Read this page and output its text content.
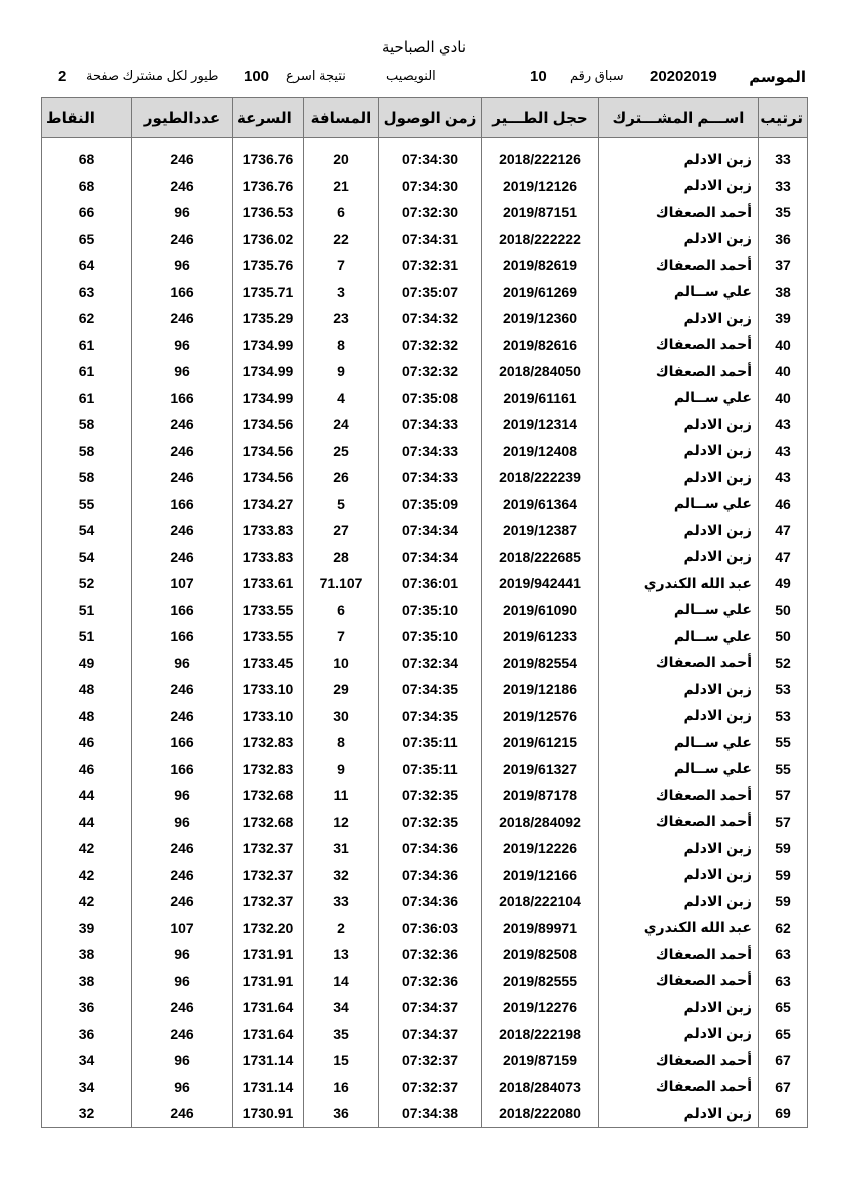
نادي الصباحية
الموسم
20202019
سباق رقم
10
النويصيب
نتيجة اسرع
100
طيور لكل مشترك صفحة
2
ترتيب	اســـم المشـــترك	حجل الطـــير	زمن الوصول	المسافة	السرعة	عددالطيور	النقاط

33	زبن الادلم	2018/222126	07:34:30	20	1736.76	246	68
33	زبن الادلم	2019/12126	07:34:30	21	1736.76	246	68
35	أحمد الصعفاك	2019/87151	07:32:30	6	1736.53	96	66
36	زبن الادلم	2018/222222	07:34:31	22	1736.02	246	65
37	أحمد الصعفاك	2019/82619	07:32:31	7	1735.76	96	64
38	علي ســالم	2019/61269	07:35:07	3	1735.71	166	63
39	زبن الادلم	2019/12360	07:34:32	23	1735.29	246	62
40	أحمد الصعفاك	2019/82616	07:32:32	8	1734.99	96	61
40	أحمد الصعفاك	2018/284050	07:32:32	9	1734.99	96	61
40	علي ســالم	2019/61161	07:35:08	4	1734.99	166	61
43	زبن الادلم	2019/12314	07:34:33	24	1734.56	246	58
43	زبن الادلم	2019/12408	07:34:33	25	1734.56	246	58
43	زبن الادلم	2018/222239	07:34:33	26	1734.56	246	58
46	علي ســالم	2019/61364	07:35:09	5	1734.27	166	55
47	زبن الادلم	2019/12387	07:34:34	27	1733.83	246	54
47	زبن الادلم	2018/222685	07:34:34	28	1733.83	246	54
49	عبد الله الكندري	2019/942441	07:36:01	71.107	1733.61	107	52
50	علي ســالم	2019/61090	07:35:10	6	1733.55	166	51
50	علي ســالم	2019/61233	07:35:10	7	1733.55	166	51
52	أحمد الصعفاك	2019/82554	07:32:34	10	1733.45	96	49
53	زبن الادلم	2019/12186	07:34:35	29	1733.10	246	48
53	زبن الادلم	2019/12576	07:34:35	30	1733.10	246	48
55	علي ســالم	2019/61215	07:35:11	8	1732.83	166	46
55	علي ســالم	2019/61327	07:35:11	9	1732.83	166	46
57	أحمد الصعفاك	2019/87178	07:32:35	11	1732.68	96	44
57	أحمد الصعفاك	2018/284092	07:32:35	12	1732.68	96	44
59	زبن الادلم	2019/12226	07:34:36	31	1732.37	246	42
59	زبن الادلم	2019/12166	07:34:36	32	1732.37	246	42
59	زبن الادلم	2018/222104	07:34:36	33	1732.37	246	42
62	عبد الله الكندري	2019/89971	07:36:03	2	1732.20	107	39
63	أحمد الصعفاك	2019/82508	07:32:36	13	1731.91	96	38
63	أحمد الصعفاك	2019/82555	07:32:36	14	1731.91	96	38
65	زبن الادلم	2019/12276	07:34:37	34	1731.64	246	36
65	زبن الادلم	2018/222198	07:34:37	35	1731.64	246	36
67	أحمد الصعفاك	2019/87159	07:32:37	15	1731.14	96	34
67	أحمد الصعفاك	2018/284073	07:32:37	16	1731.14	96	34
69	زبن الادلم	2018/222080	07:34:38	36	1730.91	246	32
